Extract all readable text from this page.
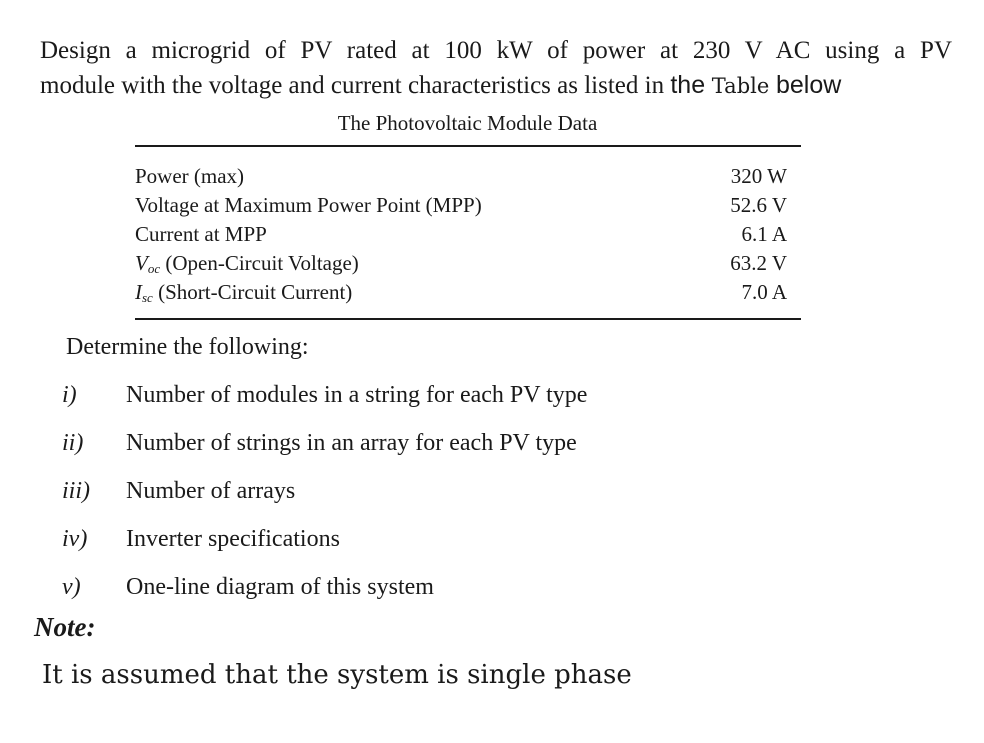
Design a microgrid of PV rated at 100 kW of power at 230 V AC using a PV
module with the voltage and current characteristics as listed in the Table below
The Photovoltaic Module Data
Power (max)	320 W
Voltage at Maximum Power Point (MPP)	52.6 V
Current at MPP	6.1 A
$V_{oc}$ (Open-Circuit Voltage)	63.2 V
$I_{sc}$ (Short-Circuit Current)	7.0 A
Determine the following:
i)	Number of modules in a string for each PV type
ii)	Number of strings in an array for each PV type
iii)	Number of arrays
iv)	Inverter specifications
v)	One-line diagram of this system
Note:
It is assumed that the system is single phase
